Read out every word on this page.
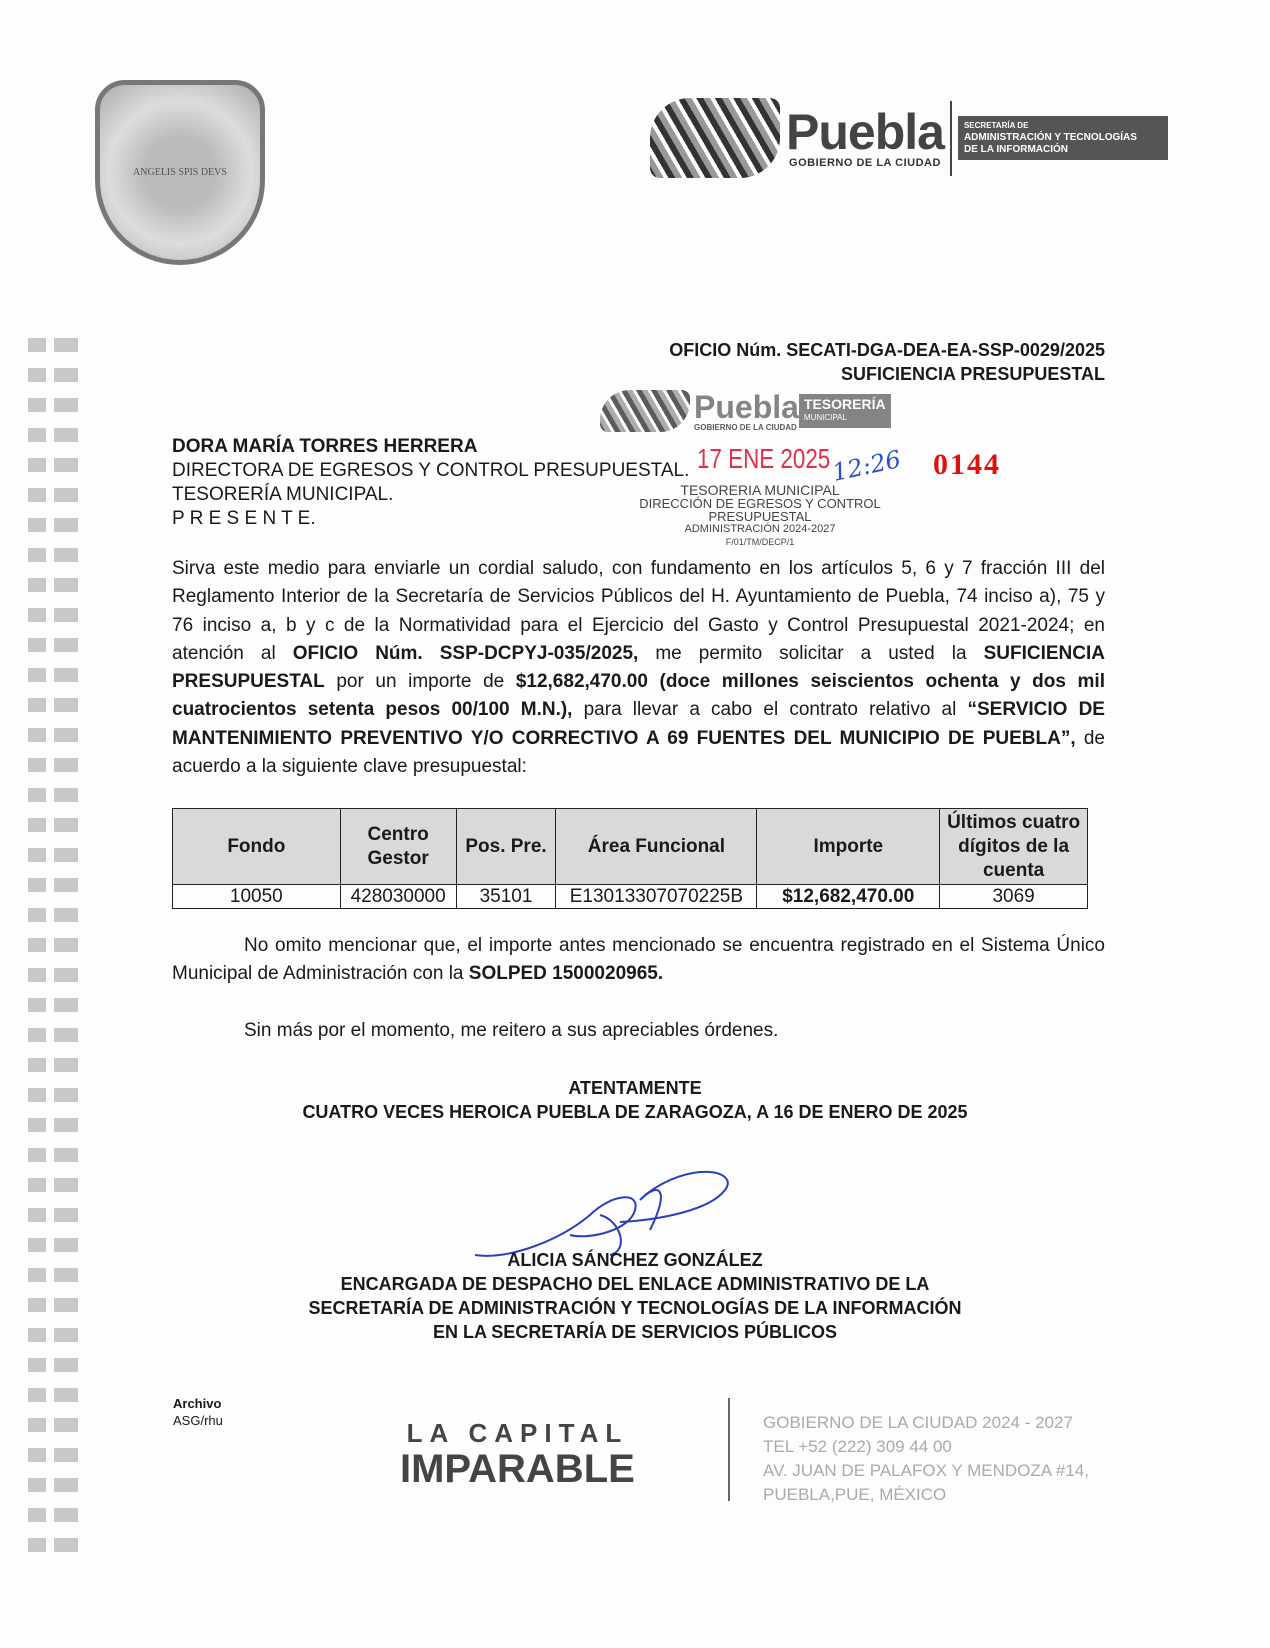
ANGELIS SPIS DEVS
Puebla
GOBIERNO DE LA CIUDAD
SECRETARÍA DE
ADMINISTRACIÓN Y TECNOLOGÍAS
DE LA INFORMACIÓN
Puebla
GOBIERNO DE LA CIUDAD
TESORERÍA
MUNICIPAL
OFICIO Núm. SECATI-DGA-DEA-EA-SSP-0029/2025
SUFICIENCIA PRESUPUESTAL
17 ENE 2025 12:26 0144
TESORERIA MUNICIPAL
DIRECCIÓN DE EGRESOS Y CONTROL
PRESUPUESTAL
ADMINISTRACIÓN 2024-2027
F/01/TM/DECP/1
DORA MARÍA TORRES HERRERA
DIRECTORA DE EGRESOS Y CONTROL PRESUPUESTAL.
TESORERÍA MUNICIPAL.
P R E S E N T E.
Sirva este medio para enviarle un cordial saludo, con fundamento en los artículos 5, 6 y 7 fracción III del Reglamento Interior de la Secretaría de Servicios Públicos del H. Ayuntamiento de Puebla, 74 inciso a), 75 y 76 inciso a, b y c de la Normatividad para el Ejercicio del Gasto y Control Presupuestal 2021-2024; en atención al OFICIO Núm. SSP-DCPYJ-035/2025, me permito solicitar a usted la SUFICIENCIA PRESUPUESTAL por un importe de $12,682,470.00 (doce millones seiscientos ochenta y dos mil cuatrocientos setenta pesos 00/100 M.N.), para llevar a cabo el contrato relativo al “SERVICIO DE MANTENIMIENTO PREVENTIVO Y/O CORRECTIVO A 69 FUENTES DEL MUNICIPIO DE PUEBLA”, de acuerdo a la siguiente clave presupuestal:
Fondo	Centro Gestor	Pos. Pre.	Área Funcional	Importe	Últimos cuatro dígitos de la cuenta
10050	428030000	35101	E13013307070225B	$12,682,470.00	3069
No omito mencionar que, el importe antes mencionado se encuentra registrado en el Sistema Único Municipal de Administración con la SOLPED 1500020965.
Sin más por el momento, me reitero a sus apreciables órdenes.
ATENTAMENTE
CUATRO VECES HEROICA PUEBLA DE ZARAGOZA, A 16 DE ENERO DE 2025
ALICIA SÁNCHEZ GONZÁLEZ
ENCARGADA DE DESPACHO DEL ENLACE ADMINISTRATIVO DE LA
SECRETARÍA DE ADMINISTRACIÓN Y TECNOLOGÍAS DE LA INFORMACIÓN
EN LA SECRETARÍA DE SERVICIOS PÚBLICOS
Archivo
ASG/rhu	LA CAPITAL
IMPARABLE
GOBIERNO DE LA CIUDAD 2024 - 2027
TEL +52 (222) 309 44 00
AV. JUAN DE PALAFOX Y MENDOZA #14,
PUEBLA,PUE, MÉXICO
